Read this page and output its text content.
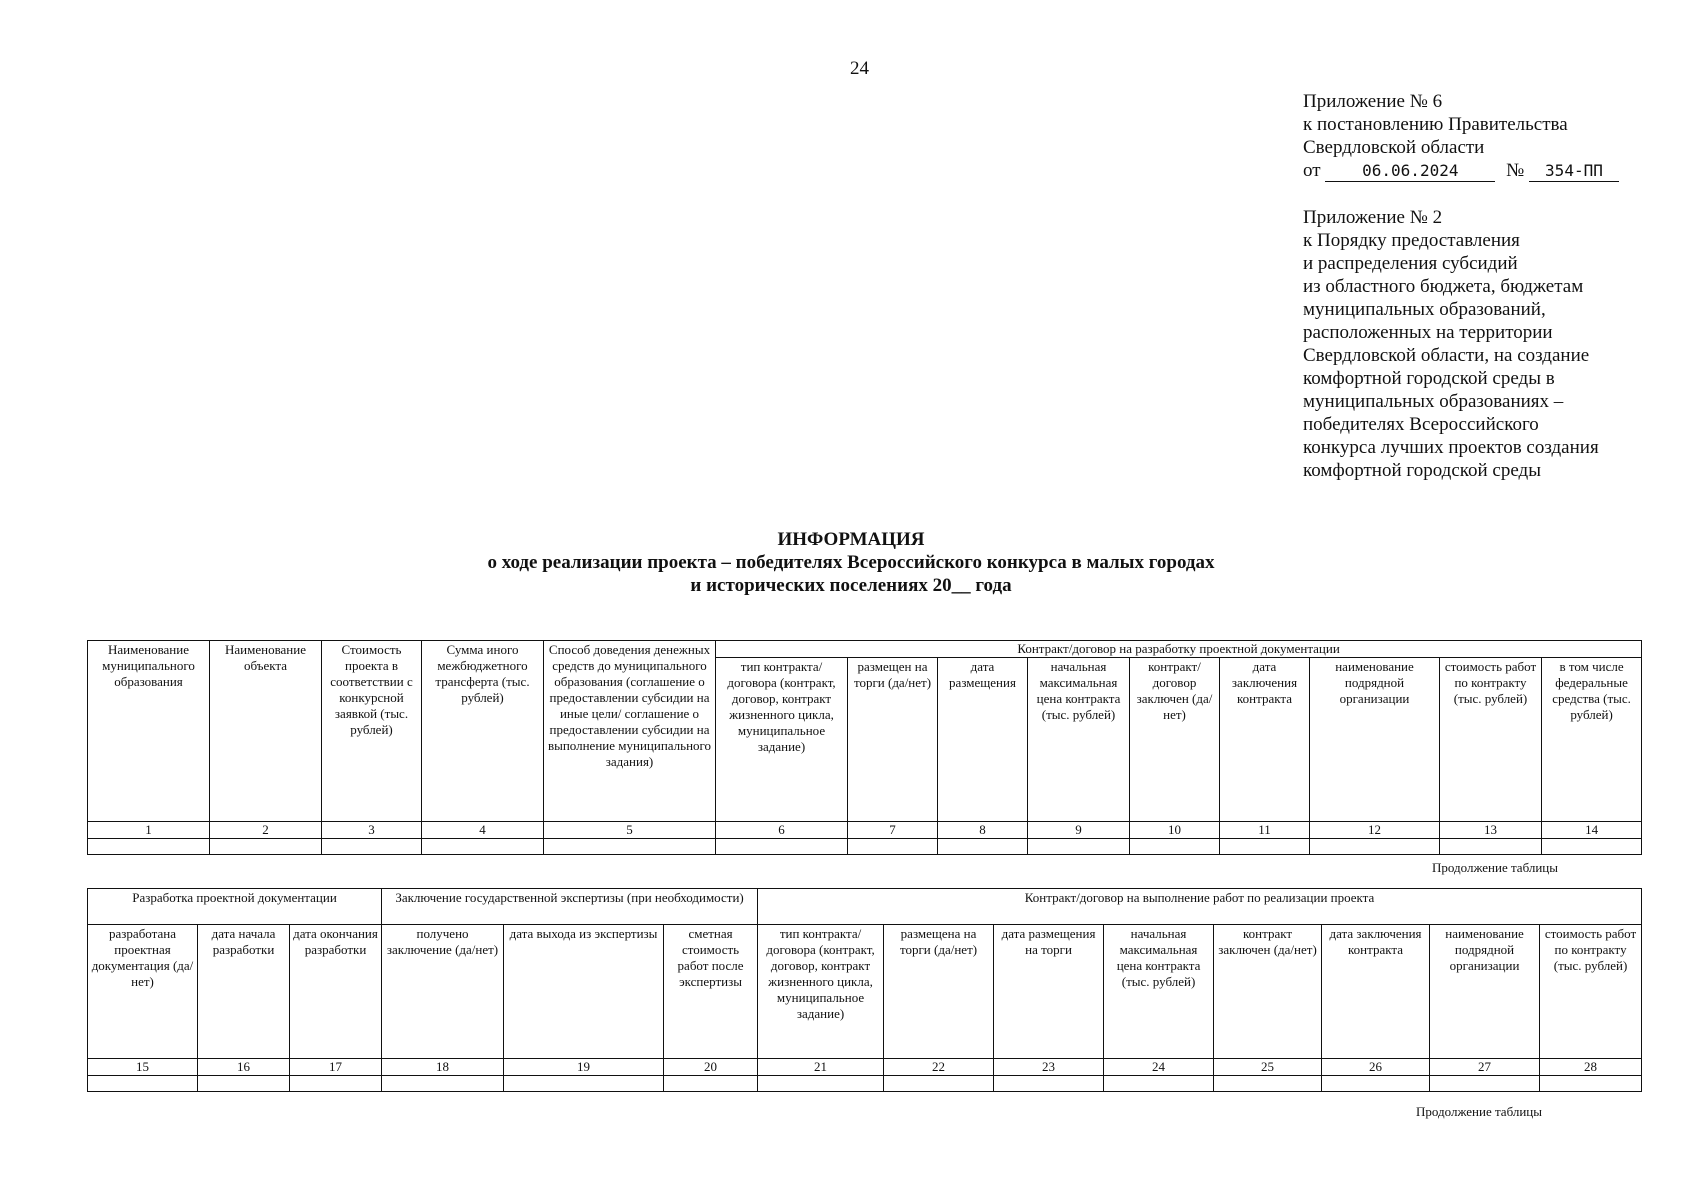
24
Приложение № 6
к постановлению Правительства
Свердловской области
от	06.06.2024	№ 354-ПП
Приложение № 2
к Порядку предоставления
и распределения субсидий
из областного бюджета, бюджетам
муниципальных образований,
расположенных на территории
Свердловской области, на создание
комфортной городской среды в
муниципальных образованиях –
победителях Всероссийского
конкурса лучших проектов создания
комфортной городской среды
ИНФОРМАЦИЯ
о ходе реализации проекта – победителях Всероссийского конкурса в малых городах
и исторических поселениях 20__ года
Наименование муниципального образования	Наименование объекта	Стоимость проекта в соответствии с конкурсной заявкой (тыс. рублей)	Сумма иного межбюджетного трансферта (тыс. рублей)	Способ доведения денежных средств до муниципального образования (соглашение о предоставлении субсидии на иные цели/ соглашение о предоставлении субсидии на выполнение муниципального задания)	Контракт/договор на разработку проектной документации								
					тип контракта/ договора (контракт, договор, контракт жизненного цикла, муниципальное задание)	размещен на торги (да/нет)	дата размещения	начальная максимальная цена контракта (тыс. рублей)	контракт/ договор заключен (да/нет)	дата заключения контракта	наименование подрядной организации	стоимость работ по контракту (тыс. рублей)	в том числе федеральные средства (тыс. рублей)
1	2	3	4	5	6	7	8	9	10	11	12	13	14

Продолжение таблицы
Разработка проектной документации			Заключение государственной экспертизы (при необходимости)			Контракт/договор на выполнение работ по реализации проекта							
разработана проектная документация (да/нет)	дата начала разработки	дата окончания разработки	получено заключение (да/нет)	дата выхода из экспертизы	сметная стоимость работ после экспертизы	тип контракта/ договора (контракт, договор, контракт жизненного цикла, муниципальное задание)	размещена на торги (да/нет)	дата размещения на торги	начальная максимальная цена контракта (тыс. рублей)	контракт заключен (да/нет)	дата заключения контракта	наименование подрядной организации	стоимость работ по контракту (тыс. рублей)
15	16	17	18	19	20	21	22	23	24	25	26	27	28

Продолжение таблицы
